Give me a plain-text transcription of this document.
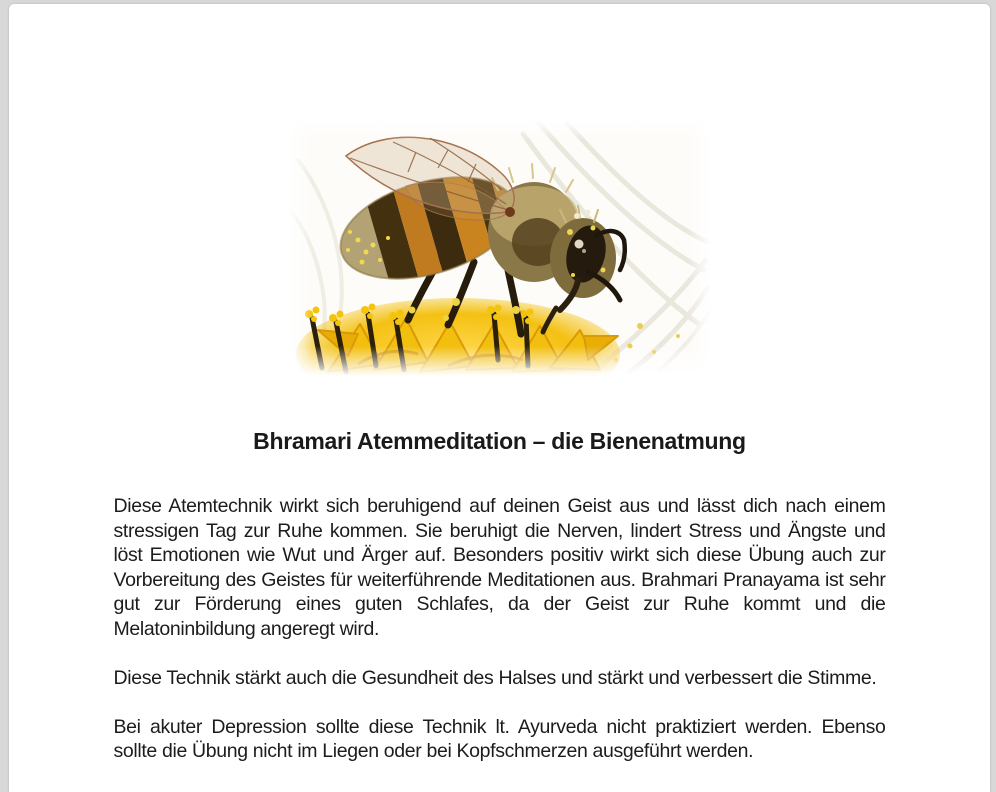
Bhramari Atemmeditation – die Bienenatmung

Diese Atemtechnik wirkt sich beruhigend auf deinen Geist aus und lässt dich nach einem stressigen Tag zur Ruhe kommen. Sie beruhigt die Nerven, lindert Stress und Ängste und löst Emotionen wie Wut und Ärger auf. Besonders positiv wirkt sich diese Übung auch zur Vorbereitung des Geistes für weiterführende Meditationen aus. Brahmari Pranayama ist sehr gut zur Förderung eines guten Schlafes, da der Geist zur Ruhe kommt und die Melatoninbildung angeregt wird.

Diese Technik stärkt auch die Gesundheit des Halses und stärkt und verbessert die Stimme.

Bei akuter Depression sollte diese Technik lt. Ayurveda nicht praktiziert werden. Ebenso sollte die Übung nicht im Liegen oder bei Kopfschmerzen ausgeführt werden.
